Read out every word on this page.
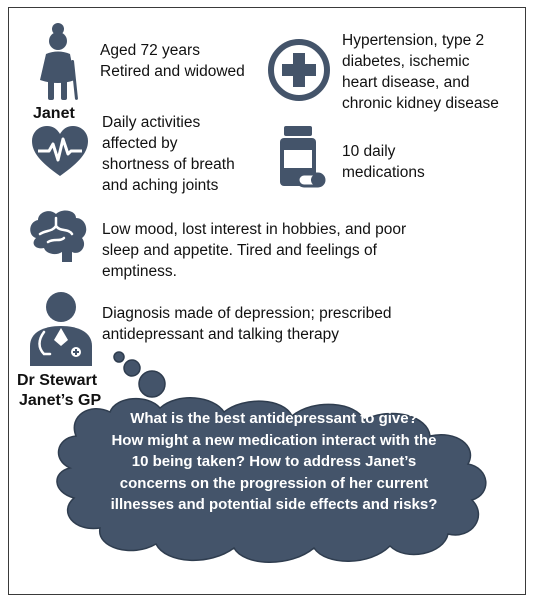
Janet
Aged 72 years
Retired and widowed
Hypertension, type 2
diabetes, ischemic
heart disease, and
chronic kidney disease
Daily activities
affected by
shortness of breath
and aching joints
10 daily
medications
Low mood, lost interest in hobbies, and poor
sleep and appetite. Tired and feelings of
emptiness.
Diagnosis made of depression; prescribed
antidepressant and talking therapy
Dr Stewart
Janet’s GP
What is the best antidepressant to give?
How might a new medication interact with the
10 being taken? How to address Janet’s
concerns on the progression of her current
illnesses and potential side effects and risks?
